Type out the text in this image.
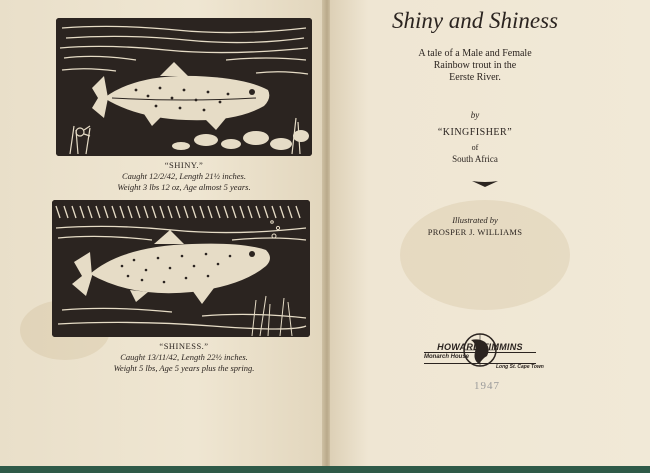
“SHINY.”
Caught 12/2/42, Length 21½ inches.
Weight 3 lbs 12 oz, Age almost 5 years.
“SHINESS.”
Caught 13/11/42, Length 22½ inches.
Weight 5 lbs, Age 5 years plus the spring.
Shiny and Shiness
A tale of a Male and Female
Rainbow trout in the
Eerste River.
by
“KINGFISHER”
of
South Africa
Illustrated by
PROSPER J. WILLIAMS
HOWARD TIMMINS
Monarch House
Long St. Cape Town
1947
